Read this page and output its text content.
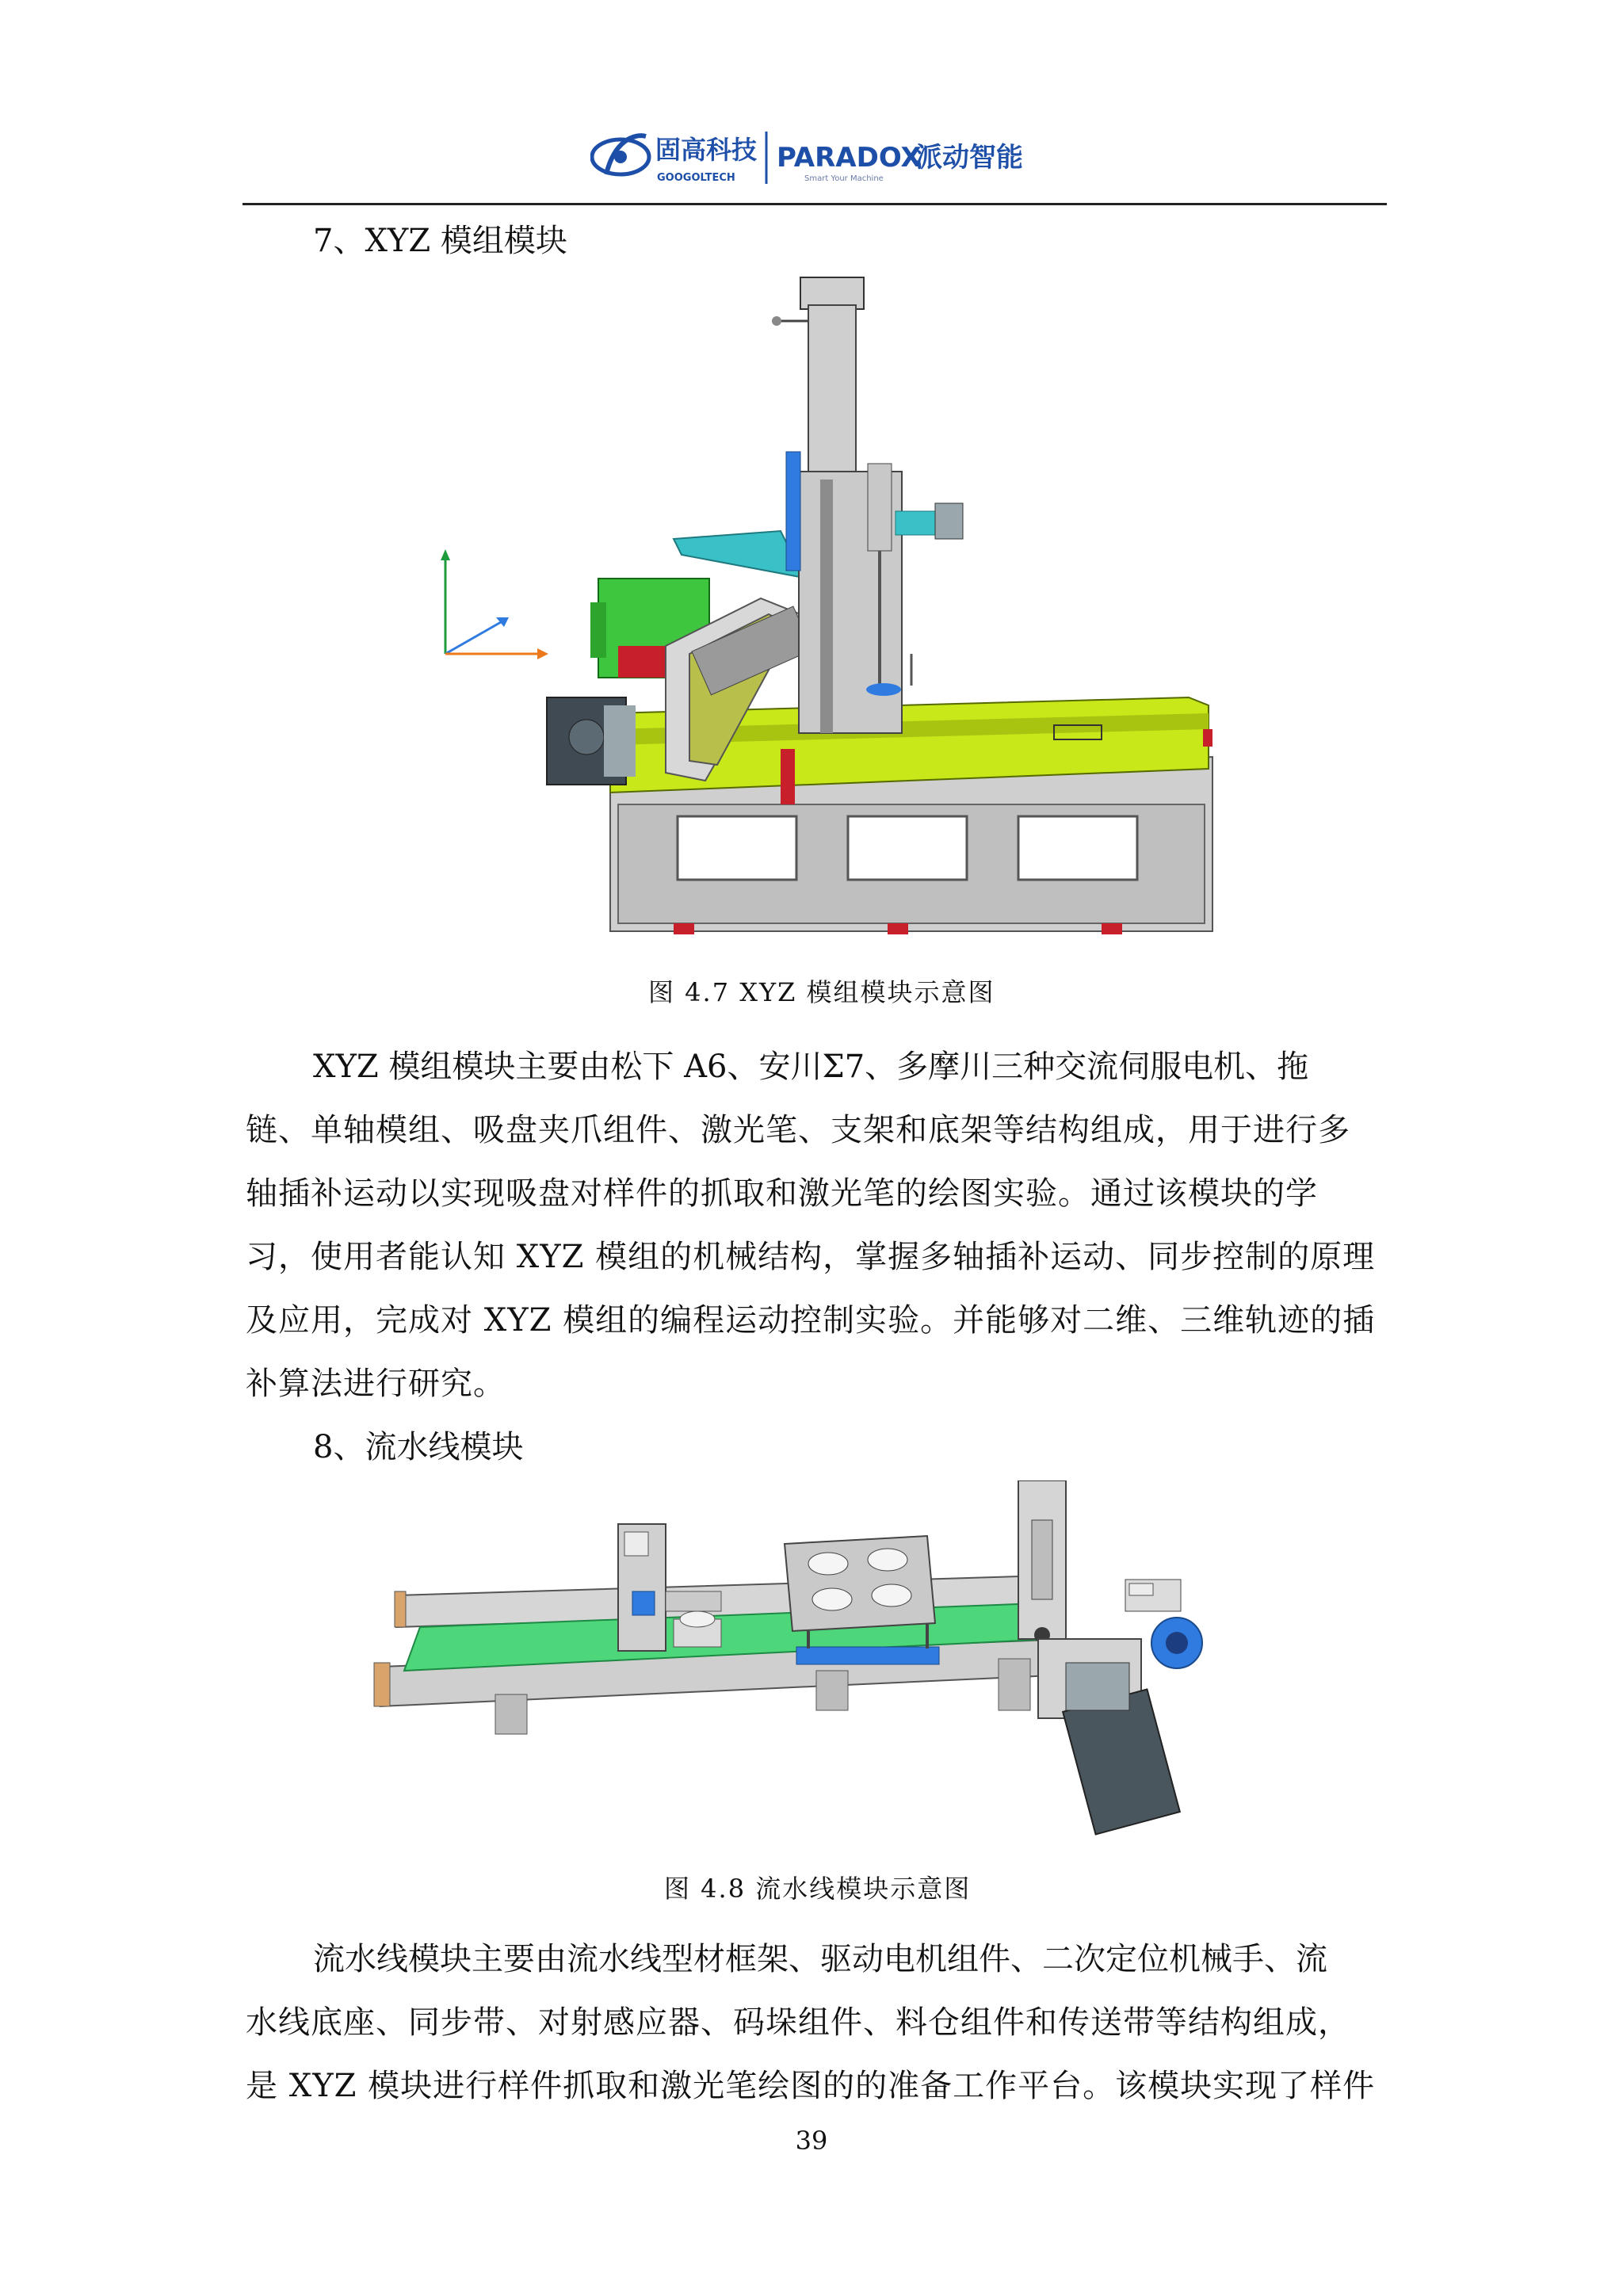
固高科技
GOOGOLTECH
PARADOX
Smart Your Machine
派动智能
7、XYZ 模组模块
图 4.7 XYZ 模组模块示意图
XYZ 模组模块主要由松下 A6、安川Σ7、多摩川三种交流伺服电机、拖
链、单轴模组、吸盘夹爪组件、激光笔、支架和底架等结构组成，用于进行多
轴插补运动以实现吸盘对样件的抓取和激光笔的绘图实验。通过该模块的学
习，使用者能认知 XYZ 模组的机械结构，掌握多轴插补运动、同步控制的原理
及应用，完成对 XYZ 模组的编程运动控制实验。并能够对二维、三维轨迹的插
补算法进行研究。
8、流水线模块
图 4.8 流水线模块示意图
流水线模块主要由流水线型材框架、驱动电机组件、二次定位机械手、流
水线底座、同步带、对射感应器、码垛组件、料仓组件和传送带等结构组成，
是 XYZ 模块进行样件抓取和激光笔绘图的的准备工作平台。该模块实现了样件
39
